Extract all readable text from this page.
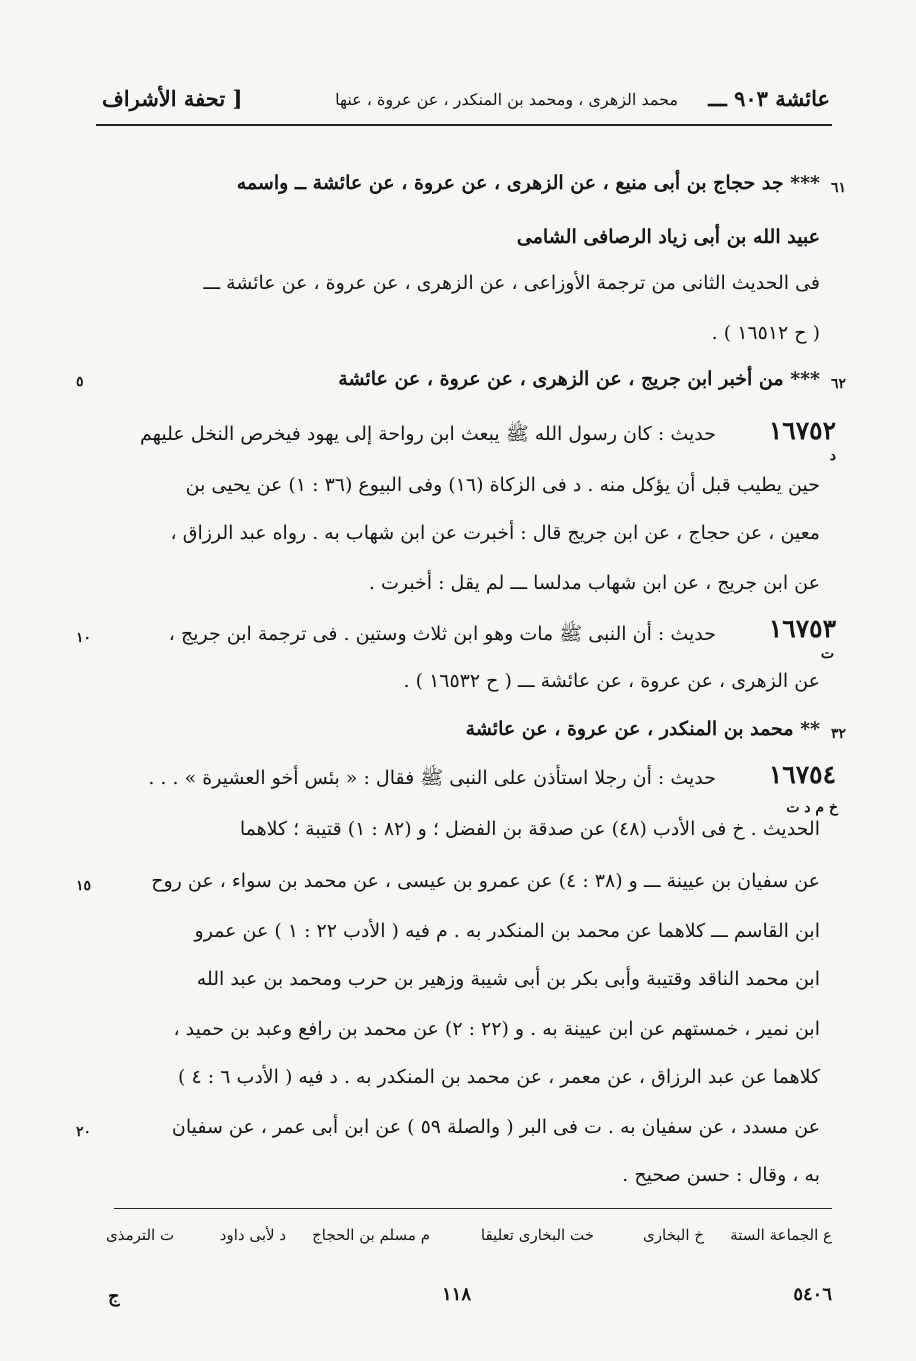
عائشة ٩٠٣ ـــ
محمد الزهرى ، ومحمد بن المنكدر ، عن عروة ، عنها
[ تحفة الأشراف
٦١
*** جد حجاج بن أبى منيع ، عن الزهرى ، عن عروة ، عن عائشة ــ واسمه
عبيد الله بن أبى زياد الرصافى الشامى
فى الحديث الثانى من ترجمة الأوزاعى ، عن الزهرى ، عن عروة ، عن عائشة ـــ
( ح ١٦٥١٢ ) .
٦٢
*** من أخبر ابن جريج ، عن الزهرى ، عن عروة ، عن عائشة
٥
١٦٧٥٢
د
حديث : كان رسول الله ﷺ يبعث ابن رواحة إلى يهود فيخرص النخل عليهم
حين يطيب قبل أن يؤكل منه . د فى الزكاة (١٦) وفى البيوع (٣٦ : ١) عن يحيى بن
معين ، عن حجاج ، عن ابن جريج قال : أخبرت عن ابن شهاب به . رواه عبد الرزاق ،
عن ابن جريج ، عن ابن شهاب مدلسا ـــ لم يقل : أخبرت .
١٦٧٥٣
ت
حديث : أن النبى ﷺ مات وهو ابن ثلاث وستين . فى ترجمة ابن جريج ،
١٠
عن الزهرى ، عن عروة ، عن عائشة ـــ ( ح ١٦٥٣٢ ) .
٣٢
** محمد بن المنكدر ، عن عروة ، عن عائشة
١٦٧٥٤
خ م د ت
حديث : أن رجلا استأذن على النبى ﷺ فقال : « بئس أخو العشيرة » . . .
الحديث . خ فى الأدب (٤٨) عن صدقة بن الفضل ؛ و (٨٢ : ١) قتيبة ؛ كلاهما
عن سفيان بن عيينة ـــ و (٣٨ : ٤) عن عمرو بن عيسى ، عن محمد بن سواء ، عن روح
١٥
ابن القاسم ـــ كلاهما عن محمد بن المنكدر به . م فيه ( الأدب ٢٢ : ١ ) عن عمرو
ابن محمد الناقد وقتيبة وأبى بكر بن أبى شيبة وزهير بن حرب ومحمد بن عبد الله
ابن نمير ، خمستهم عن ابن عيينة به . و (٢٢ : ٢) عن محمد بن رافع وعبد بن حميد ،
كلاهما عن عبد الرزاق ، عن معمر ، عن محمد بن المنكدر به . د فيه ( الأدب ٦ : ٤ )
عن مسدد ، عن سفيان به . ت فى البر ( والصلة ٥٩ ) عن ابن أبى عمر ، عن سفيان
٢٠
به ، وقال : حسن صحيح .
ع الجماعة الستة
خ البخارى
خت البخارى تعليقا
م مسلم بن الحجاج
د لأبى داود
ت الترمذى
ج	١١٨	٥٤٠٦
